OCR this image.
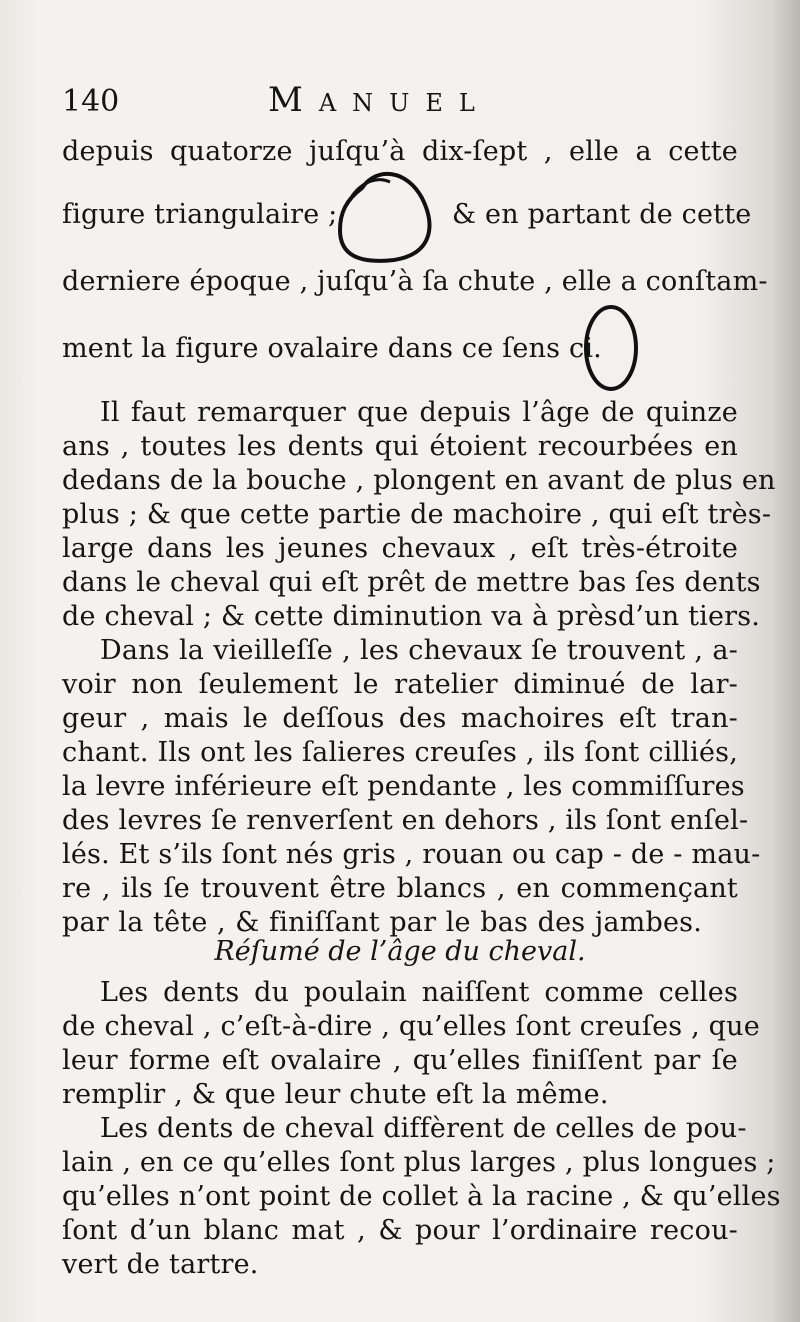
140	Manuel
depuis quatorze juſqu’à dix-ſept , elle a cette
figure triangulaire ;	& en partant de cette
derniere époque , juſqu’à ſa chute , elle a conſtam-
ment la figure ovalaire dans ce ſens ci.
Il faut remarquer que depuis l’âge de quinze
ans , toutes les dents qui étoient recourbées en
dedans de la bouche , plongent en avant de plus en
plus ; & que cette partie de machoire , qui eſt très-
large dans les jeunes chevaux , eſt très-étroite
dans le cheval qui eſt prêt de mettre bas ſes dents
de cheval ; & cette diminution va à prèsd’un tiers.
Dans la vieilleſſe , les chevaux ſe trouvent , a-
voir non ſeulement le ratelier diminué de lar-
geur , mais le deſſous des machoires eſt tran-
chant. Ils ont les ſalieres creuſes , ils ſont cilliés,
la levre inférieure eſt pendante , les commiſſures
des levres ſe renverſent en dehors , ils ſont enſel-
lés. Et s’ils ſont nés gris , rouan ou cap - de - mau-
re , ils ſe trouvent être blancs , en commençant
par la tête , & finiſſant par le bas des jambes.
Réſumé de l’âge du cheval.
Les dents du poulain naiſſent comme celles
de cheval , c’eſt-à-dire , qu’elles ſont creuſes , que
leur forme eſt ovalaire , qu’elles finiſſent par ſe
remplir , & que leur chute eſt la même.
Les dents de cheval diffèrent de celles de pou-
lain , en ce qu’elles ſont plus larges , plus longues ;
qu’elles n’ont point de collet à la racine , & qu’elles
ſont d’un blanc mat , & pour l’ordinaire recou-
vert de tartre.
